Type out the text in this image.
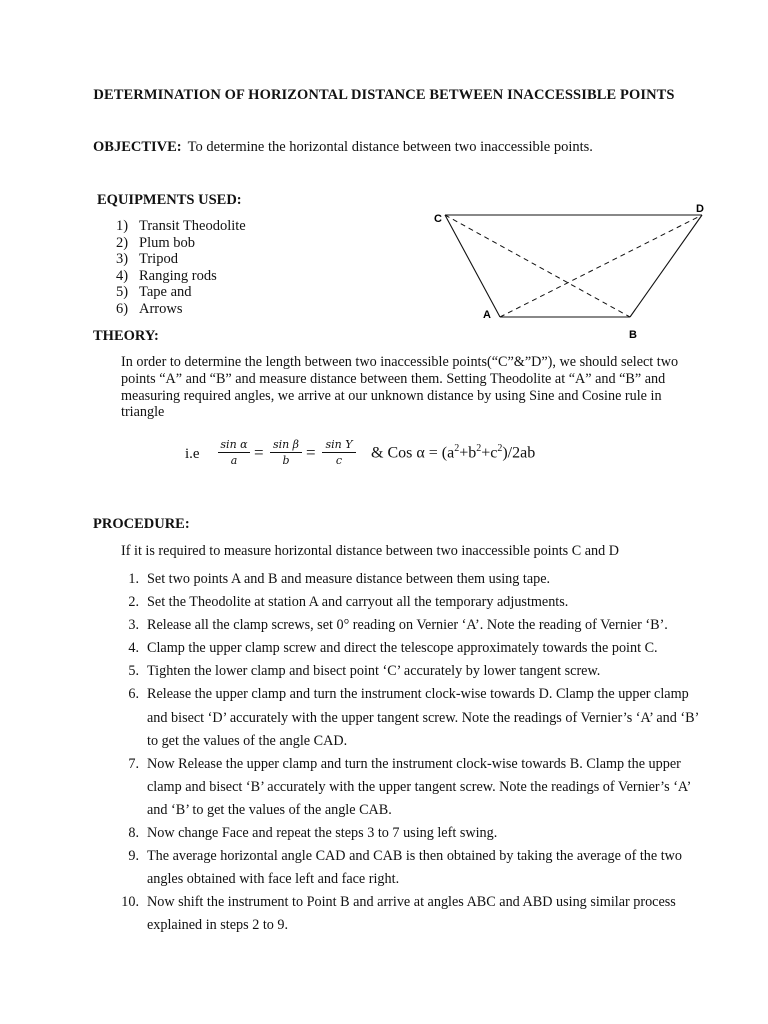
DETERMINATION OF HORIZONTAL DISTANCE BETWEEN INACCESSIBLE POINTS
OBJECTIVE: To determine the horizontal distance between two inaccessible points.
EQUIPMENTS USED:
1) Transit Theodolite
2) Plum bob
3) Tripod
4) Ranging rods
5) Tape and
6) Arrows
C
D
A
B
THEORY:
In order to determine the length between two inaccessible points(“C”&”D”), we should select two points “A” and “B” and measure distance between them. Setting Theodolite at “A” and “B” and measuring required angles, we arrive at our unknown distance by using Sine and Cosine rule in triangle
$i.e \frac{\text{sin α}}{a} = \frac{\text{sin β}}{b} = \frac{\text{sin Υ}}{c}$ & Cos $\alpha = (a^2+b^2+c^2)/2ab$
PROCEDURE:
If it is required to measure horizontal distance between two inaccessible points C and D
1. Set two points A and B and measure distance between them using tape.
2. Set the Theodolite at station A and carryout all the temporary adjustments.
3. Release all the clamp screws, set 0° reading on Vernier ‘A’. Note the reading of Vernier ‘B’.
4. Clamp the upper clamp screw and direct the telescope approximately towards the point C.
5. Tighten the lower clamp and bisect point ‘C’ accurately by lower tangent screw.
6. Release the upper clamp and turn the instrument clock-wise towards D. Clamp the upper clamp and bisect ‘D’ accurately with the upper tangent screw. Note the readings of Vernier’s ‘A’ and ‘B’ to get the values of the angle CAD.
7. Now Release the upper clamp and turn the instrument clock-wise towards B. Clamp the upper clamp and bisect ‘B’ accurately with the upper tangent screw. Note the readings of Vernier’s ‘A’ and ‘B’ to get the values of the angle CAB.
8. Now change Face and repeat the steps 3 to 7 using left swing.
9. The average horizontal angle CAD and CAB is then obtained by taking the average of the two angles obtained with face left and face right.
10. Now shift the instrument to Point B and arrive at angles ABC and ABD using similar process explained in steps 2 to 9.
